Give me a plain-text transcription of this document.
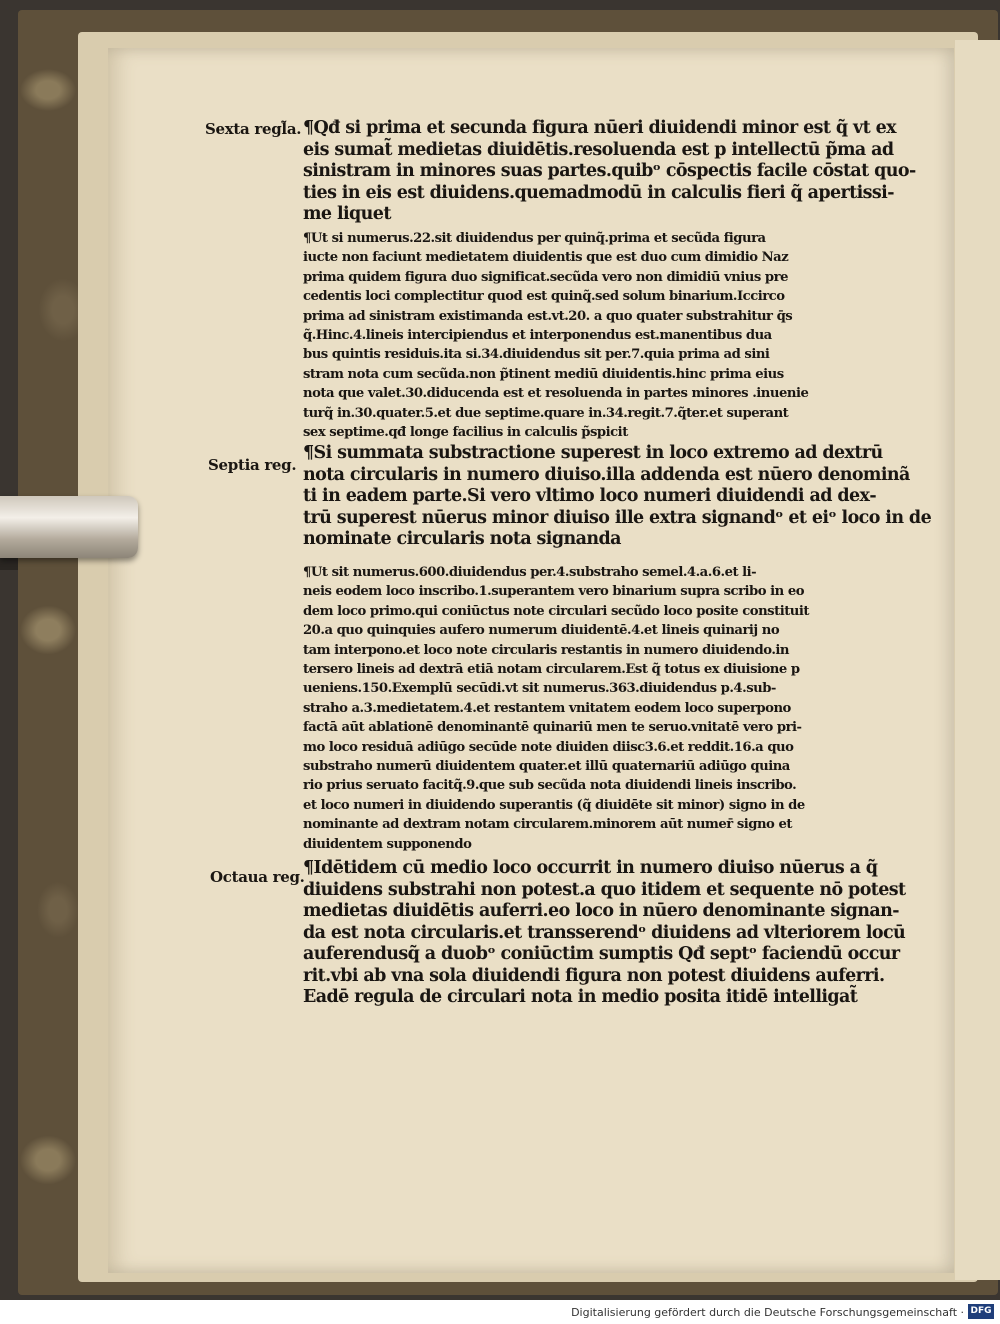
Sexta regl̃a. ¶Qđ si prima et secunda figura nūeri diuidendi minor est q̃ vt ex
eis sumat̃ medietas diuidētis.resoluenda est p intellectū p̃ma ad
sinistram in minores suas partes.quibᵒ cōspectis facile cōstat quo‑
ties in eis est diuidens.quemadmodū in calculis fieri q̃ apertissi‑
me liquet
¶Ut si numerus.22.sit diuidendus per quinq̃.prima et secũda figura
iucte non faciunt medietatem diuidentis que est duo cum dimidio Naz
prima quidem figura duo significat.secũda vero non dimidiū vnius pre
cedentis loci complectitur quod est quinq̃.sed solum binarium.Iccirco
prima ad sinistram existimanda est.vt.20. a quo quater substrahitur q̄s
q̃.Hinc.4.lineis intercipiendus et interponendus est.manentibus dua
bus quintis residuis.ita si.34.diuidendus sit per.7.quia prima ad sini
stram nota cum secũda.non p̃tinent mediū diuidentis.hinc prima eius
nota que valet.30.diducenda est et resoluenda in partes minores .inuenie
turq̃ in.30.quater.5.et due septime.quare in.34.regit.7.q̃ter.et superant
sex septime.qđ longe facilius in calculis p̃spicit
Septia reg.
¶Si summata substractione superest in loco extremo ad dextrū
nota circularis in numero diuiso.illa addenda est nūero denominã
ti in eadem parte.Si vero vltimo loco numeri diuidendi ad dex‑
trū superest nūerus minor diuiso ille extra signandᵒ et eiᵒ loco in de
nominate circularis nota signanda
¶Ut sit numerus.600.diuidendus per.4.substraho semel.4.a.6.et li‑
neis eodem loco inscribo.1.superantem vero binarium supra scribo in eo
dem loco primo.qui coniūctus note circulari secũdo loco posite constituit
20.a quo quinquies aufero numerum diuidentē.4.et lineis quinarij no
tam interpono.et loco note circularis restantis in numero diuidendo.in
tersero lineis ad dextrā etiā notam circularem.Est q̃ totus ex diuisione p
ueniens.150.Exemplū secūdi.vt sit numerus.363.diuidendus p.4.sub‑
straho a.3.medietatem.4.et restantem vnitatem eodem loco superpono
factā aūt ablationē denominantē quinariū men te seruo.vnitatē vero pri‑
mo loco residuā adiūgo secūde note diuiden diisc3.6.et reddit.16.a quo
substraho numerū diuidentem quater.et illū quaternariū adiūgo quina
rio prius seruato facitq̃.9.que sub secũda nota diuidendi lineis inscribo.
et loco numeri in diuidendo superantis (q̃ diuidēte sit minor) signo in de
nominante ad dextram notam circularem.minorem aūt numer̄ signo et
diuidentem supponendo
Octaua reg.
¶Idētidem cū medio loco occurrit in numero diuiso nūerus a q̃
diuidens substrahi non potest.a quo itidem et sequente nō potest
medietas diuidētis auferri.eo loco in nūero denominante signan‑
da est nota circularis.et transserendᵒ diuidens ad vlteriorem locū
auferendusq̃ a duobᵒ coniūctim sumptis Qđ septᵒ faciendū occur
rit.vbi ab vna sola diuidendi figura non potest diuidens auferri.
Eadē regula de circulari nota in medio posita itidē intelligat̃
Digitalisierung gefördert durch die Deutsche Forschungsgemeinschaft · DFG
